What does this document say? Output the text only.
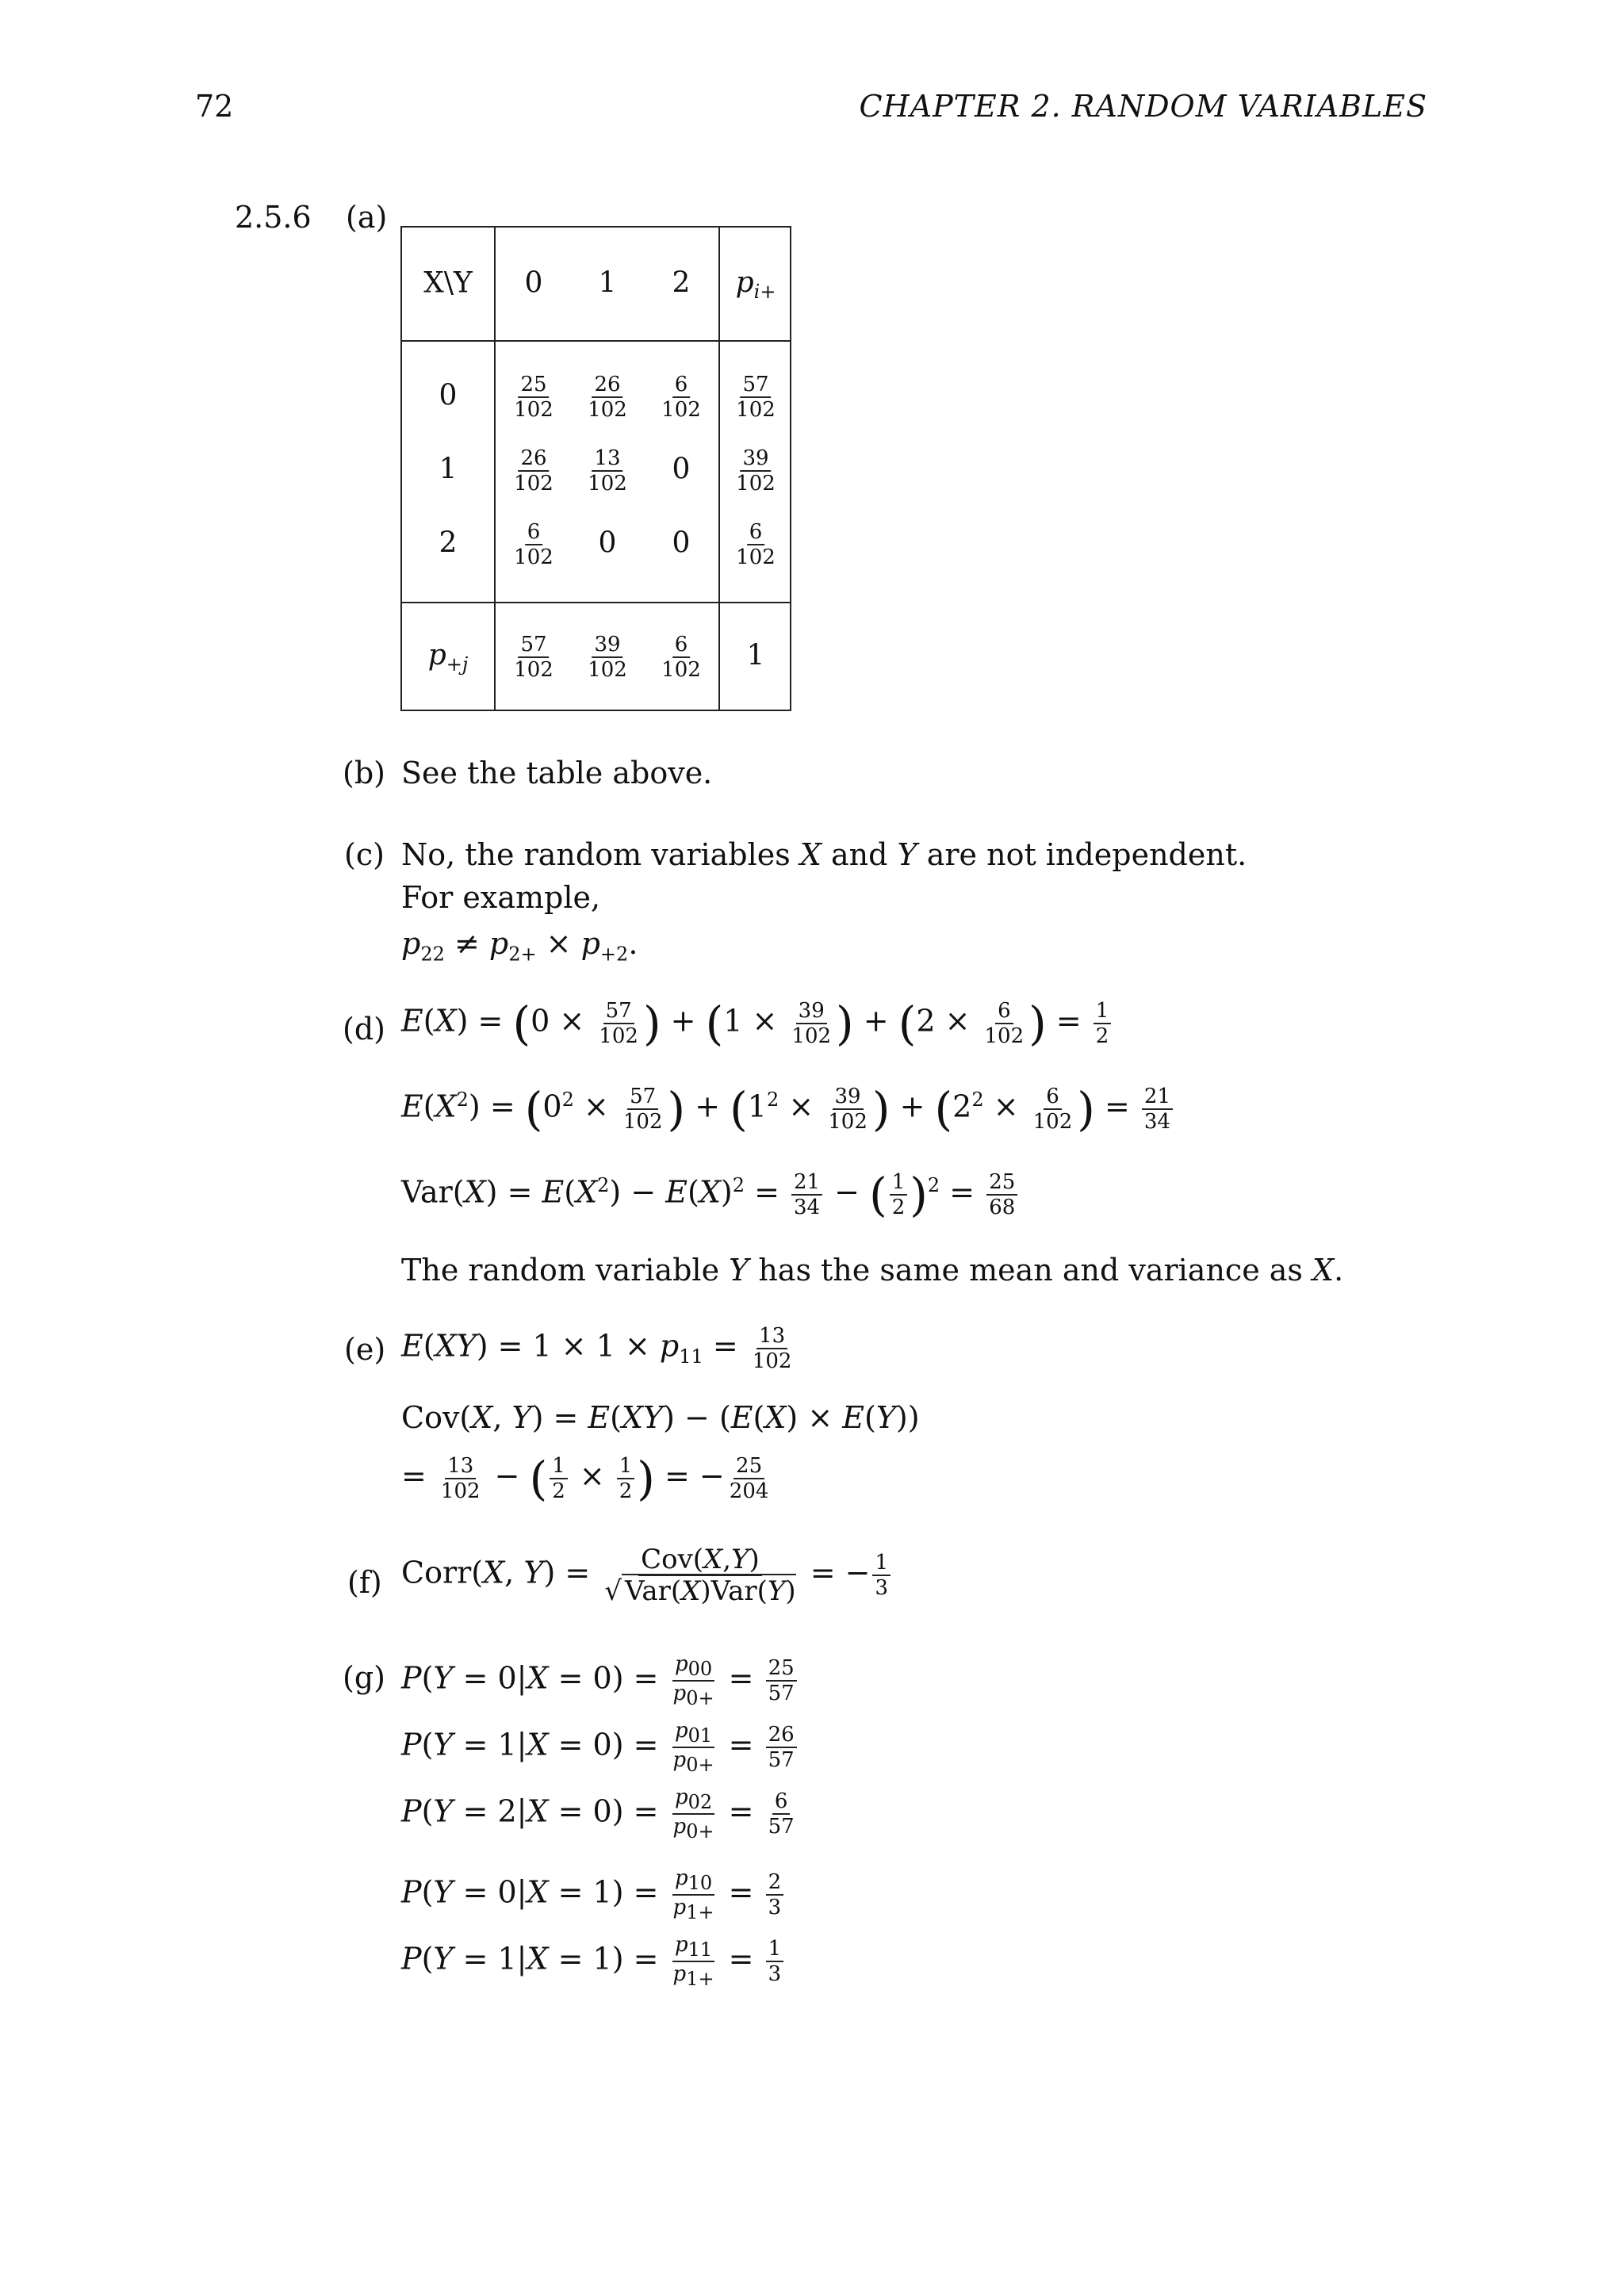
72	CHAPTER 2. RANDOM VARIABLES
2.5.6 (a)
X\Y 0 1 2 $p_{i+}$
0	$\frac{25}{102} \frac{26}{102} \frac{6}{102} \frac{57}{102}$
1	$\frac{26}{102} \frac{13}{102} 0 \frac{39}{102}$
2	$\frac{6}{102} 0$ $0 \frac{6}{102}$
$p_{+j} \frac{57}{102} \frac{39}{102} \frac{6}{102} 1$
(b) See the table above.
(c) No, the random variables X and Y are not independent.
For example,
$p_{22} \ne p_{2+} \times p_{+2}$.
(d) $E(X) = (0 \times \frac{57}{102}$ ) + ($1 \times \frac{39}{102}$ ) + ($2 \times \frac{6}{102}$ ) = $\frac{1}{2}$
$E(X^2) = (0^2 \times \frac{57}{102}$ ) + ($1^2 \times \frac{39}{102}$ ) + ($2^2 \times \frac{6}{102}$ ) = $\frac{21}{34}$
$Var(X) = E(X^2) - E(X)^2 = \frac{21}{34}$ − ( $\frac{1}{2} )^2 = \frac{25}{68}$
The random variable Y has the same mean and variance as X.
(e) $E(XY) = 1 \times 1 \times p_{11} = \frac{13}{102}$
Cov(X, Y) = E(XY) − (E(X) × E(Y))
= $\frac{13}{102}$ − ( $\frac{1}{2} \times \frac{1}{2}$ ) = − $\frac{25}{204}$
(f) Corr(X, $Y) = \frac{\text{Cov(X,Y)}}{\text{√ Var(X)Var(Y)}}$ = − $\frac{1}{3}$
(g) $P(Y = 0|X = 0) = \frac{p_{00}}{p_{0+}} = \frac{25}{57}$
$P(Y = 1|X = 0) = \frac{p_{01}}{p_{0+}} = \frac{26}{57}$
$P(Y = 2|X = 0) = \frac{p_{02}}{p_{0+}} = \frac{6}{57}$
$P(Y = 0|X = 1) = \frac{p_{10}}{p_{1+}} = \frac{2}{3}$
$P(Y = 1|X = 1) = \frac{p_{11}}{p_{1+}} = \frac{1}{3}$
